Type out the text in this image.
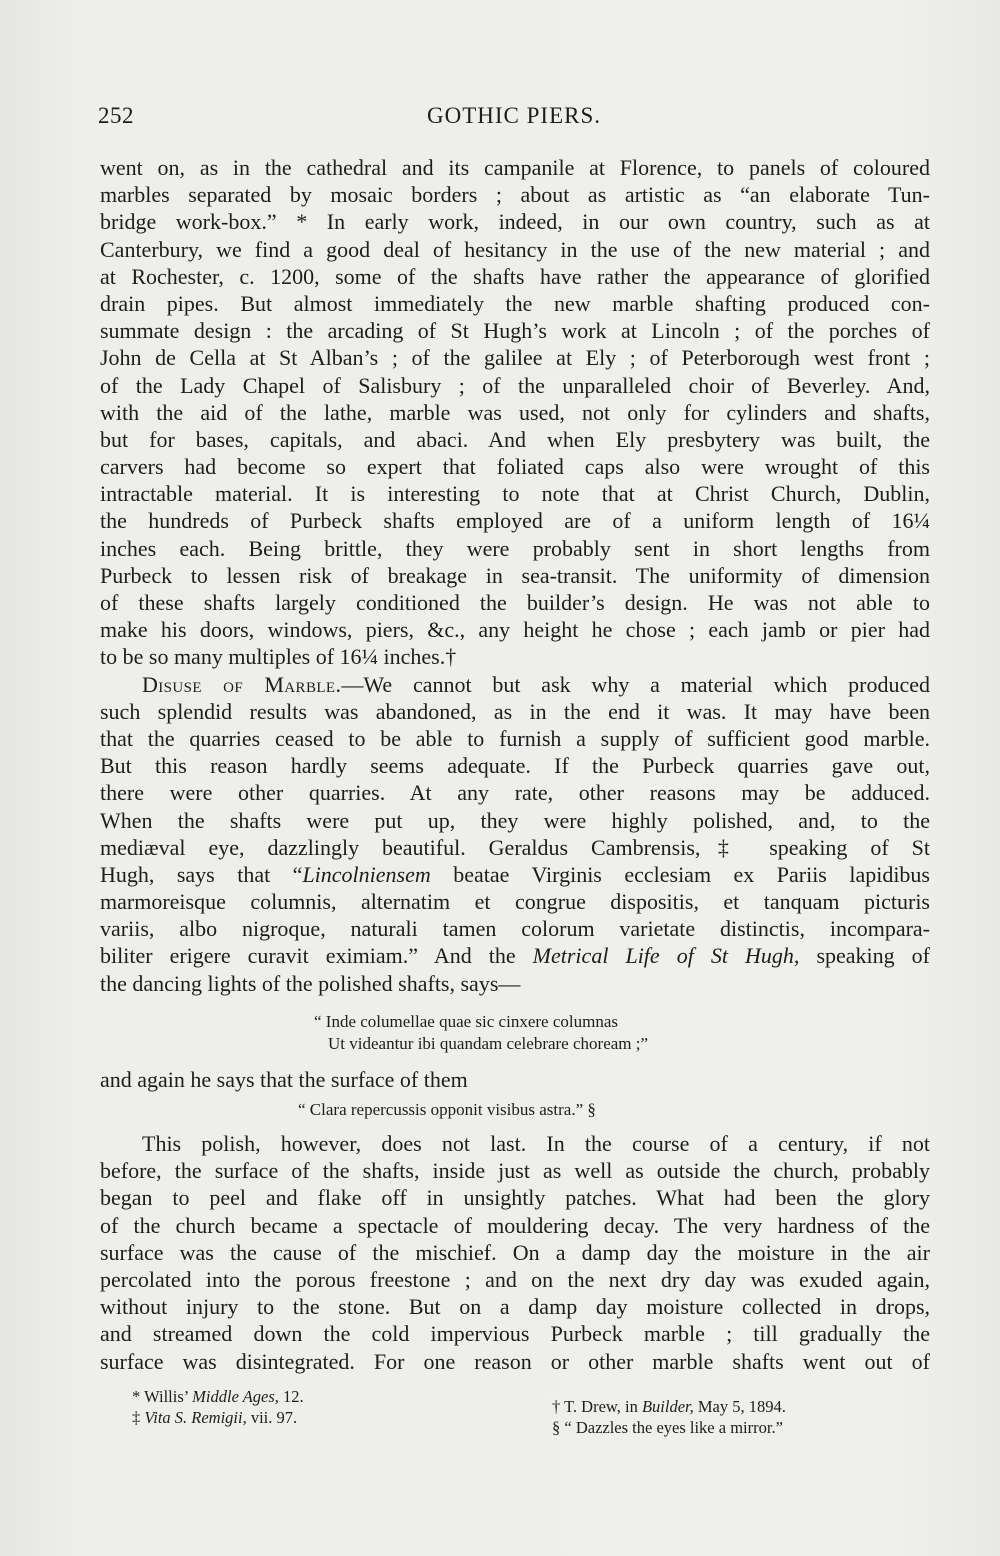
252	GOTHIC PIERS.
went on, as in the cathedral and its campanile at Florence, to panels of coloured
marbles separated by mosaic borders ; about as artistic as “an elaborate Tun-
bridge work-box.” * In early work, indeed, in our own country, such as at
Canterbury, we find a good deal of hesitancy in the use of the new material ; and
at Rochester, c. 1200, some of the shafts have rather the appearance of glorified
drain pipes. But almost immediately the new marble shafting produced con-
summate design : the arcading of St Hugh’s work at Lincoln ; of the porches of
John de Cella at St Alban’s ; of the galilee at Ely ; of Peterborough west front ;
of the Lady Chapel of Salisbury ; of the unparalleled choir of Beverley. And,
with the aid of the lathe, marble was used, not only for cylinders and shafts,
but for bases, capitals, and abaci. And when Ely presbytery was built, the
carvers had become so expert that foliated caps also were wrought of this
intractable material. It is interesting to note that at Christ Church, Dublin,
the hundreds of Purbeck shafts employed are of a uniform length of 16¼
inches each. Being brittle, they were probably sent in short lengths from
Purbeck to lessen risk of breakage in sea-transit. The uniformity of dimension
of these shafts largely conditioned the builder’s design. He was not able to
make his doors, windows, piers, &c., any height he chose ; each jamb or pier had
to be so many multiples of 16¼ inches.†
Disuse of Marble.—We cannot but ask why a material which produced
such splendid results was abandoned, as in the end it was. It may have been
that the quarries ceased to be able to furnish a supply of sufficient good marble.
But this reason hardly seems adequate. If the Purbeck quarries gave out,
there were other quarries. At any rate, other reasons may be adduced.
When the shafts were put up, they were highly polished, and, to the
mediæval eye, dazzlingly beautiful. Geraldus Cambrensis,‡ speaking of St
Hugh, says that “Lincolniensem beatae Virginis ecclesiam ex Pariis lapidibus
marmoreisque columnis, alternatim et congrue dispositis, et tanquam picturis
variis, albo nigroque, naturali tamen colorum varietate distinctis, incompara-
biliter erigere curavit eximiam.” And the Metrical Life of St Hugh, speaking of
the dancing lights of the polished shafts, says—
“ Inde columellae quae sic cinxere columnas
Ut videantur ibi quandam celebrare choream ;”
and again he says that the surface of them
“ Clara repercussis opponit visibus astra.” §
This polish, however, does not last. In the course of a century, if not
before, the surface of the shafts, inside just as well as outside the church, probably
began to peel and flake off in unsightly patches. What had been the glory
of the church became a spectacle of mouldering decay. The very hardness of the
surface was the cause of the mischief. On a damp day the moisture in the air
percolated into the porous freestone ; and on the next dry day was exuded again,
without injury to the stone. But on a damp day moisture collected in drops,
and streamed down the cold impervious Purbeck marble ; till gradually the
surface was disintegrated. For one reason or other marble shafts went out of
* Willis’ Middle Ages, 12.
‡ Vita S. Remigii, vii. 97.
† T. Drew, in Builder, May 5, 1894.
§ “ Dazzles the eyes like a mirror.”
